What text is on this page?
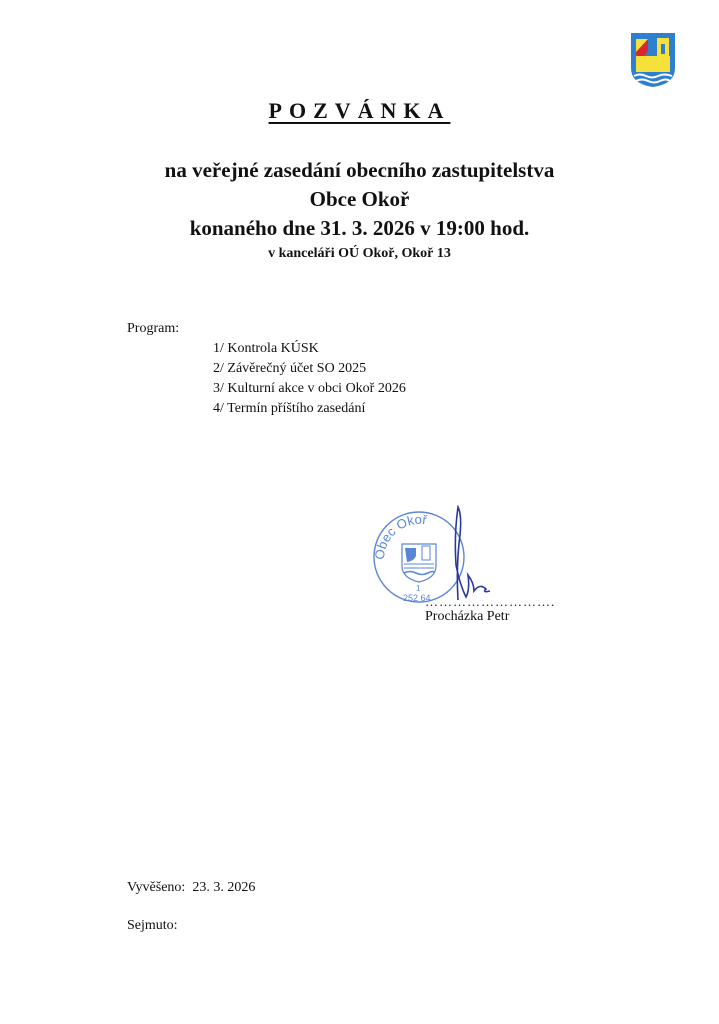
POZVÁNKA
na veřejné zasedání obecního zastupitelstva
Obce Okoř
konaného dne 31. 3. 2026 v 19:00 hod.
v kanceláři OÚ Okoř, Okoř 13
Program:
1/ Kontrola KÚSK
2/ Závěrečný účet SO 2025
3/ Kulturní akce v obci Okoř 2026
4/ Termín příštího zasedání
Obec Okoř
1
252 64
……………………….
Procházka Petr
Vyvěšeno: 23. 3. 2026
Sejmuto:
